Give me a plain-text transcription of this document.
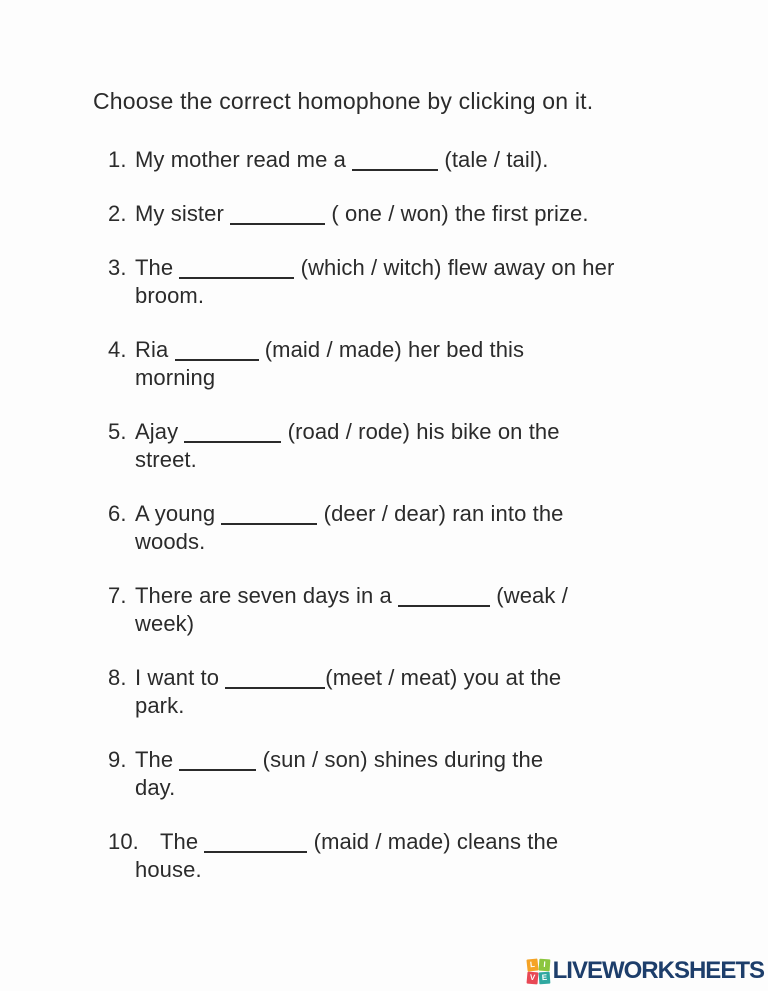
Choose the correct homophone by clicking on it.
1. My mother read me a	(tale / tail).
2. My sister	( one / won) the first prize.
3. The	(which / witch) flew away on her
broom.
4. Ria	(maid / made) her bed this
morning
5. Ajay	(road / rode) his bike on the
street.
6. A young	(deer / dear) ran into the
woods.
7. There are seven days in a	(weak /
week)
8. I want to	(meet / meat) you at the
park.
9. The	(sun / son) shines during the
day.
10. The	(maid / made) cleans the
house.
L I
V E LIVEWORKSHEETS
